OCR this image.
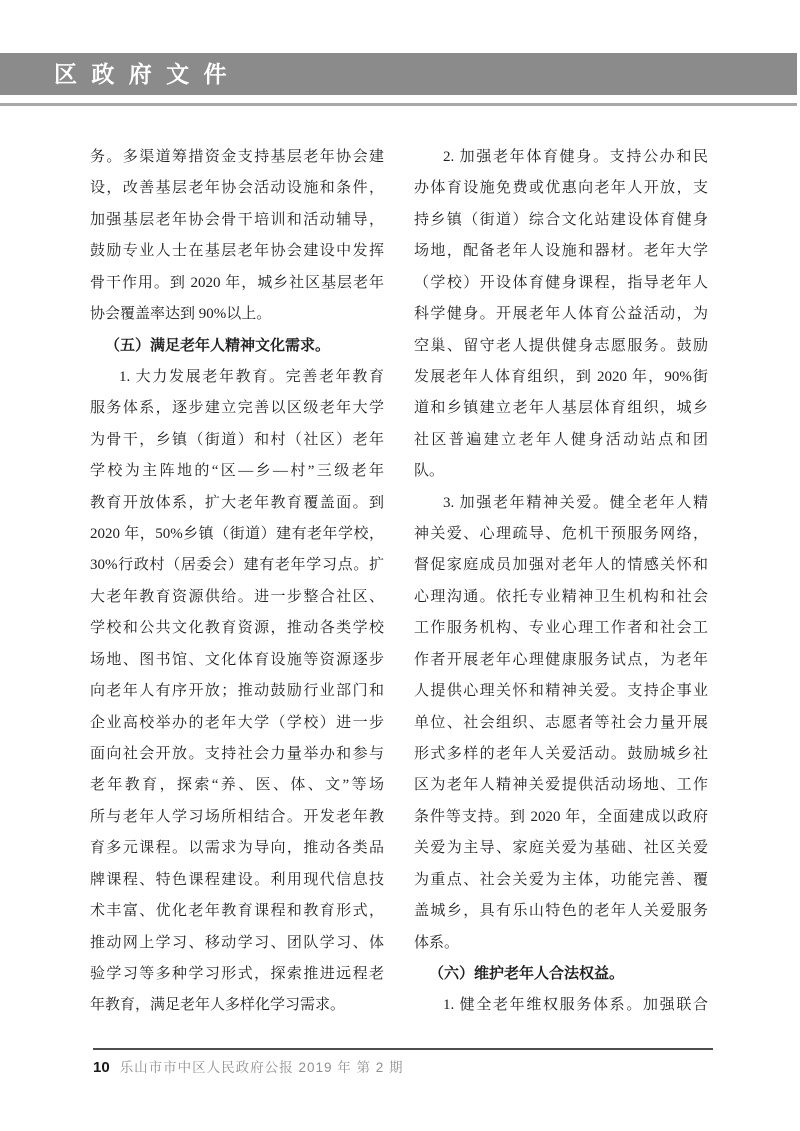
区 政 府 文 件
务。多渠道筹措资金支持基层老年协会建
设，改善基层老年协会活动设施和条件，
加强基层老年协会骨干培训和活动辅导，
鼓励专业人士在基层老年协会建设中发挥
骨干作用。到 2020 年，城乡社区基层老年
协会覆盖率达到 90%以上。
（五）满足老年人精神文化需求。
1. 大力发展老年教育。完善老年教育
服务体系，逐步建立完善以区级老年大学
为骨干，乡镇（街道）和村（社区）老年
学校为主阵地的“区—乡—村”三级老年
教育开放体系，扩大老年教育覆盖面。到
2020 年，50%乡镇（街道）建有老年学校，
30%行政村（居委会）建有老年学习点。扩
大老年教育资源供给。进一步整合社区、
学校和公共文化教育资源，推动各类学校
场地、图书馆、文化体育设施等资源逐步
向老年人有序开放；推动鼓励行业部门和
企业高校举办的老年大学（学校）进一步
面向社会开放。支持社会力量举办和参与
老年教育，探索“养、医、体、文”等场
所与老年人学习场所相结合。开发老年教
育多元课程。以需求为导向，推动各类品
牌课程、特色课程建设。利用现代信息技
术丰富、优化老年教育课程和教育形式，
推动网上学习、移动学习、团队学习、体
验学习等多种学习形式，探索推进远程老
年教育，满足老年人多样化学习需求。
2. 加强老年体育健身。支持公办和民
办体育设施免费或优惠向老年人开放，支
持乡镇（街道）综合文化站建设体育健身
场地，配备老年人设施和器材。老年大学
（学校）开设体育健身课程，指导老年人
科学健身。开展老年人体育公益活动，为
空巢、留守老人提供健身志愿服务。鼓励
发展老年人体育组织，到 2020 年，90%街
道和乡镇建立老年人基层体育组织，城乡
社区普遍建立老年人健身活动站点和团
队。
3. 加强老年精神关爱。健全老年人精
神关爱、心理疏导、危机干预服务网络，
督促家庭成员加强对老年人的情感关怀和
心理沟通。依托专业精神卫生机构和社会
工作服务机构、专业心理工作者和社会工
作者开展老年心理健康服务试点，为老年
人提供心理关怀和精神关爱。支持企事业
单位、社会组织、志愿者等社会力量开展
形式多样的老年人关爱活动。鼓励城乡社
区为老年人精神关爱提供活动场地、工作
条件等支持。到 2020 年，全面建成以政府
关爱为主导、家庭关爱为基础、社区关爱
为重点、社会关爱为主体，功能完善、覆
盖城乡，具有乐山特色的老年人关爱服务
体系。
（六）维护老年人合法权益。
1. 健全老年维权服务体系。加强联合
10 乐山市市中区人民政府公报 2019 年 第 2 期
